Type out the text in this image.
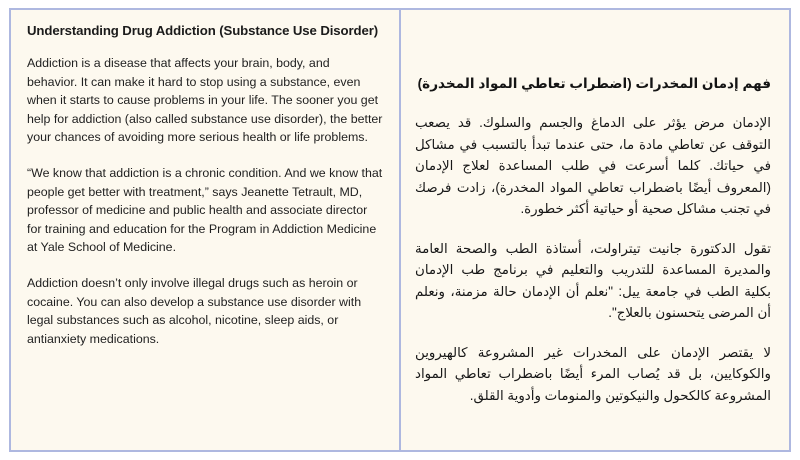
Understanding Drug Addiction (Substance Use Disorder)

Addiction is a disease that affects your brain, body, and behavior. It can make it hard to stop using a substance, even when it starts to cause problems in your life. The sooner you get help for addiction (also called substance use disorder), the better your chances of avoiding more serious health or life problems.

“We know that addiction is a chronic condition. And we know that people get better with treatment,” says Jeanette Tetrault, MD, professor of medicine and public health and associate director for training and education for the Program in Addiction Medicine at Yale School of Medicine.

Addiction doesn’t only involve illegal drugs such as heroin or cocaine. You can also develop a substance use disorder with legal substances such as alcohol, nicotine, sleep aids, or antianxiety medications.

فهم إدمان المخدرات (اضطراب تعاطي المواد المخدرة)

الإدمان مرض يؤثر على الدماغ والجسم والسلوك. قد يصعب التوقف عن تعاطي مادة ما، حتى عندما تبدأ بالتسبب في مشاكل في حياتك. كلما أسرعت في طلب المساعدة لعلاج الإدمان (المعروف أيضًا باضطراب تعاطي المواد المخدرة)، زادت فرصك في تجنب مشاكل صحية أو حياتية أكثر خطورة.

تقول الدكتورة جانيت تيتراولت، أستاذة الطب والصحة العامة والمديرة المساعدة للتدريب والتعليم في برنامج طب الإدمان بكلية الطب في جامعة ييل: "نعلم أن الإدمان حالة مزمنة، ونعلم أن المرضى يتحسنون بالعلاج".

لا يقتصر الإدمان على المخدرات غير المشروعة كالهيروين والكوكايين، بل قد يُصاب المرء أيضًا باضطراب تعاطي المواد المشروعة كالكحول والنيكوتين والمنومات وأدوية القلق.
